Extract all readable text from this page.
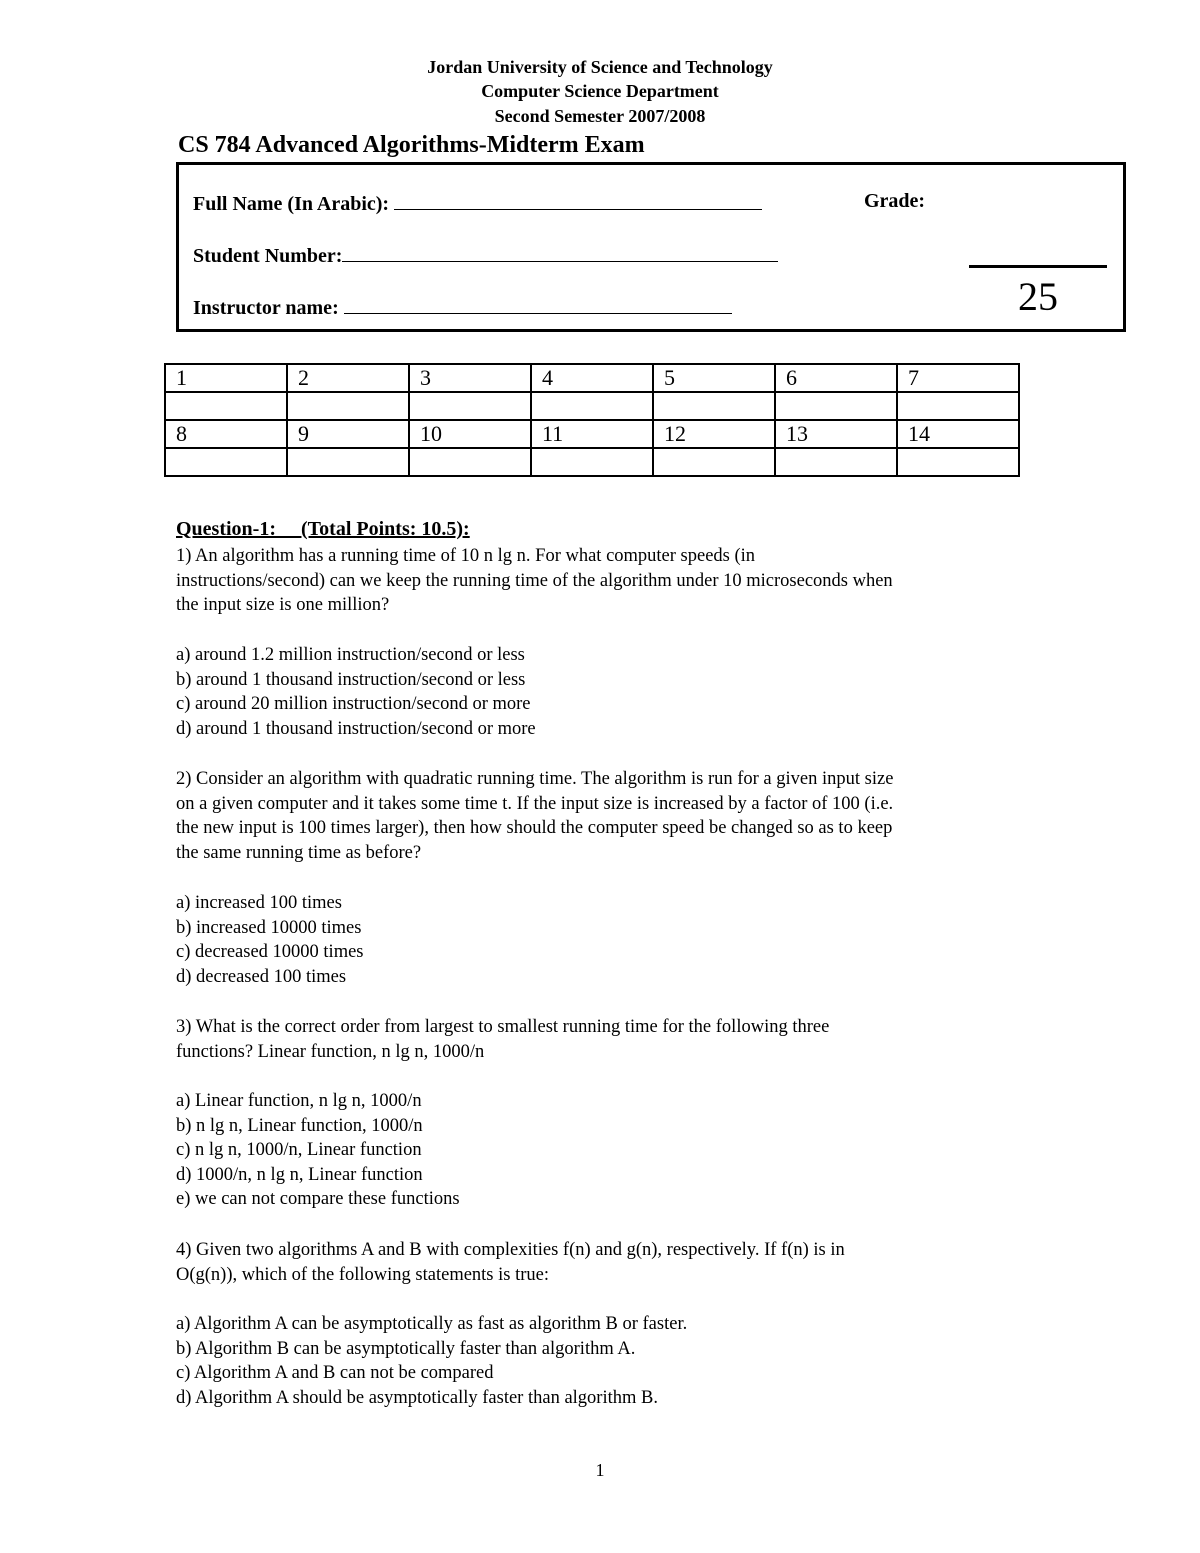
Jordan University of Science and Technology
Computer Science Department
Second Semester 2007/2008
CS 784 Advanced Algorithms-Midterm Exam
Full Name (In Arabic):
Student Number:
Instructor name:
Grade:
25
1	2	3	4	5	6	7

8	9	10	11	12	13	14

Question-1:     (Total Points: 10.5):
1) An algorithm has a running time of 10 n lg n. For what computer speeds (in
instructions/second) can we keep the running time of the algorithm under 10 microseconds when
the input size is one million?
a) around 1.2 million instruction/second or less
b) around 1 thousand instruction/second or less
c) around 20 million instruction/second or more
d) around 1 thousand instruction/second or more
2) Consider an algorithm with quadratic running time. The algorithm is run for a given input size
on a given computer and it takes some time t. If the input size is increased by a factor of 100 (i.e.
the new input is 100 times larger), then how should the computer speed be changed so as to keep
the same running time as before?
a) increased 100 times
b) increased 10000 times
c) decreased 10000 times
d) decreased 100 times
3) What is the correct order from largest to smallest running time for the following three
functions? Linear function, n lg n, 1000/n
a) Linear function, n lg n, 1000/n
b) n lg n, Linear function, 1000/n
c) n lg n, 1000/n, Linear function
d) 1000/n, n lg n, Linear function
e) we can not compare these functions
4) Given two algorithms A and B with complexities f(n) and g(n), respectively. If f(n) is in
O(g(n)), which of the following statements is true:
a) Algorithm A can be asymptotically as fast as algorithm B or faster.
b) Algorithm B can be asymptotically faster than algorithm A.
c) Algorithm A and B can not be compared
d) Algorithm A should be asymptotically faster than algorithm B.
1
